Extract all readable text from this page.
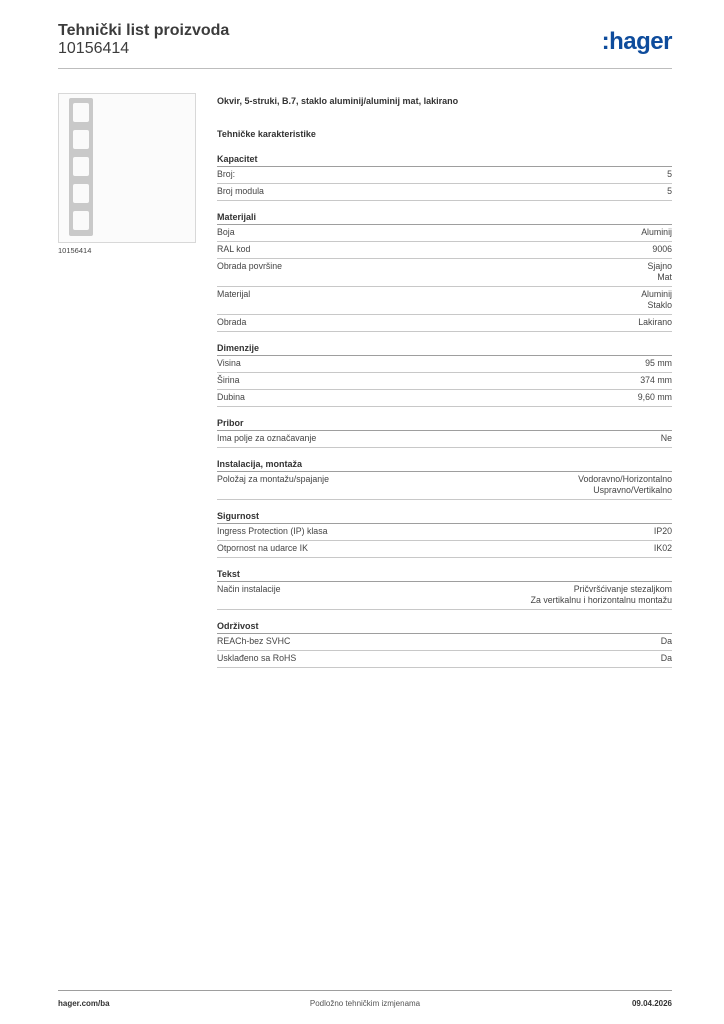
Tehnički list proizvoda
10156414	:hager
10156414
Okvir, 5-struki, B.7, staklo aluminij/aluminij mat, lakirano
Tehničke karakteristike
Kapacitet
Broj:	5
Broj modula	5
Materijali
Boja	Aluminij
RAL kod	9006
Obrada površine	Sjajno
Mat
Materijal	Aluminij
Staklo
Obrada	Lakirano
Dimenzije
Visina	95 mm
Širina	374 mm
Dubina	9,60 mm
Pribor
Ima polje za označavanje	Ne
Instalacija, montaža
Položaj za montažu/spajanje	Vodoravno/Horizontalno
Uspravno/Vertikalno
Sigurnost
Ingress Protection (IP) klasa	IP20
Otpornost na udarce IK	IK02
Tekst
Način instalacije	Pričvršćivanje stezaljkom
Za vertikalnu i horizontalnu montažu
Održivost
REACh-bez SVHC	Da
Usklađeno sa RoHS	Da
hager.com/ba	Podložno tehničkim izmjenama	09.04.2026
